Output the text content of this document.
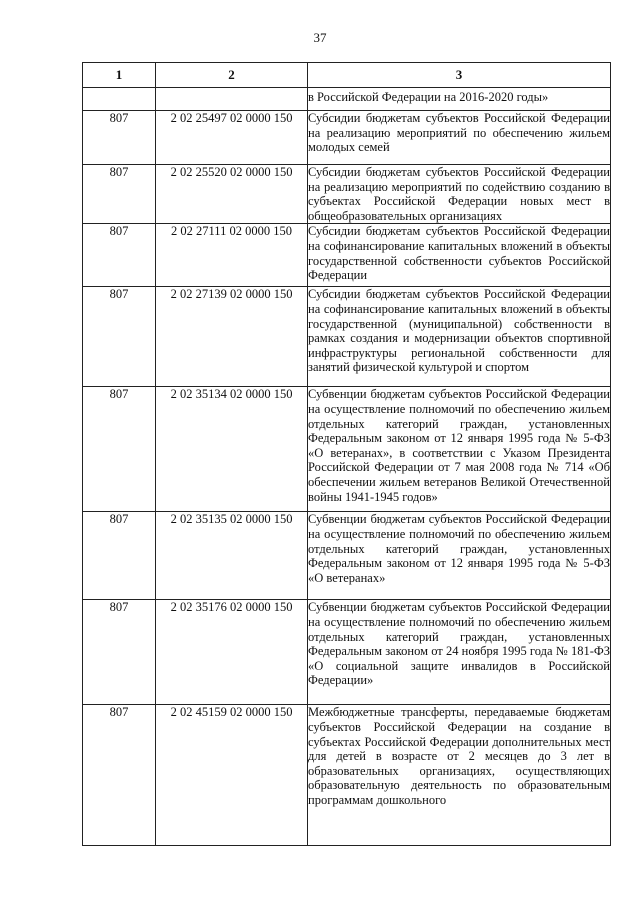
37
1	2	3
		в Российской Федерации на 2016-2020 годы»
807	2 02 25497 02 0000 150	Субсидии бюджетам субъектов Российской Федерации на реализацию мероприятий по обеспечению жильем молодых семей
807	2 02 25520 02 0000 150	Субсидии бюджетам субъектов Российской Федерации на реализацию мероприятий по содействию созданию в субъектах Российской Федерации новых мест в общеобразовательных организациях
807	2 02 27111 02 0000 150	Субсидии бюджетам субъектов Российской Федерации на софинансирование капитальных вложений в объекты государственной собственности субъектов Российской Федерации
807	2 02 27139 02 0000 150	Субсидии бюджетам субъектов Российской Федерации на софинансирование капитальных вложений в объекты государственной (муниципальной) собственности в рамках создания и модернизации объектов спортивной инфраструктуры региональной собственности для занятий физической культурой и спортом
807	2 02 35134 02 0000 150	Субвенции бюджетам субъектов Российской Федерации на осуществление полномочий по обеспечению жильем отдельных категорий граждан, установленных Федеральным законом от 12 января 1995 года № 5-ФЗ «О ветеранах», в соответствии с Указом Президента Российской Федерации от 7 мая 2008 года № 714 «Об обеспечении жильем ветеранов Великой Отечественной войны 1941-1945 годов»
807	2 02 35135 02 0000 150	Субвенции бюджетам субъектов Российской Федерации на осуществление полномочий по обеспечению жильем отдельных категорий граждан, установленных Федеральным законом от 12 января 1995 года № 5-ФЗ «О ветеранах»
807	2 02 35176 02 0000 150	Субвенции бюджетам субъектов Российской Федерации на осуществление полномочий по обеспечению жильем отдельных категорий граждан, установленных Федеральным законом от 24 ноября 1995 года № 181-ФЗ «О социальной защите инвалидов в Российской Федерации»
807	2 02 45159 02 0000 150	Межбюджетные трансферты, передаваемые бюджетам субъектов Российской Федерации на создание в субъектах Российской Федерации дополнительных мест для детей в возрасте от 2 месяцев до 3 лет в образовательных организациях, осуществляющих образовательную деятельность по образовательным программам дошкольного
